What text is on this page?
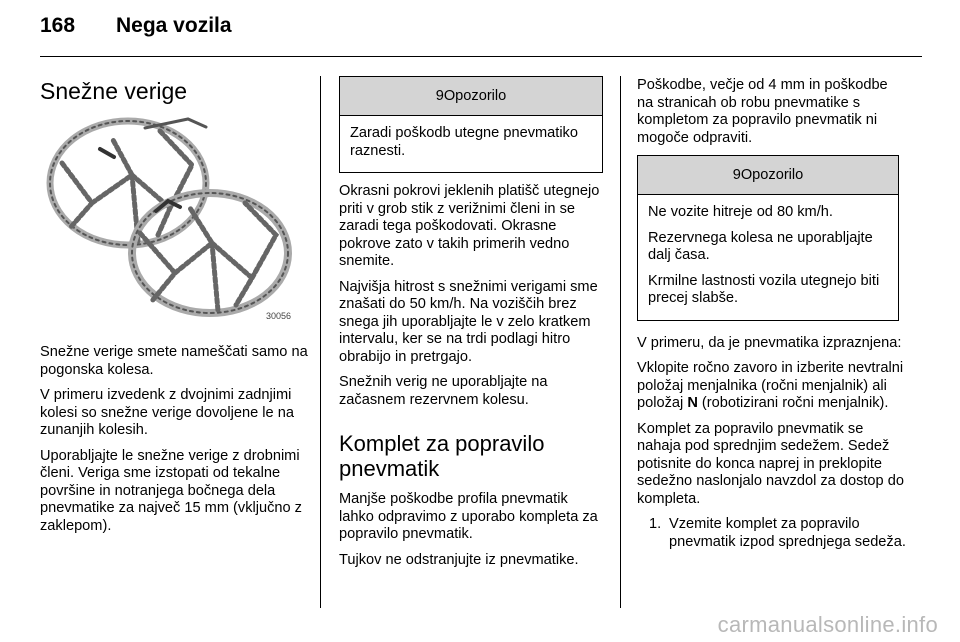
168 Nega vozila
Snežne verige
30056

Snežne verige smete nameščati samo na pogonska kolesa.

V primeru izvedenk z dvojnimi zadnjimi kolesi so snežne verige dovoljene le na zunanjih kolesih.

Uporabljajte le snežne verige z drobnimi členi. Veriga sme izstopati od tekalne površine in notranjega bočnega dela pnevmatike za največ 15 mm (vključno z zaklepom).

9Opozorilo

Zaradi poškodb utegne pnevmatiko raznesti.

Okrasni pokrovi jeklenih platišč utegnejo priti v grob stik z verižnimi členi in se zaradi tega poškodovati. Okrasne pokrove zato v takih primerih vedno snemite.

Najvišja hitrost s snežnimi verigami sme znašati do 50 km/h. Na voziščih brez snega jih uporabljajte le v zelo kratkem intervalu, ker se na trdi podlagi hitro obrabijo in pretrgajo.

Snežnih verig ne uporabljajte na začasnem rezervnem kolesu.

Komplet za popravilo pnevmatik

Manjše poškodbe profila pnevmatik lahko odpravimo z uporabo kompleta za popravilo pnevmatik.

Tujkov ne odstranjujte iz pnevmatike.

Poškodbe, večje od 4 mm in poškodbe na stranicah ob robu pnevmatike s kompletom za popravilo pnevmatik ni mogoče odpraviti.

9Opozorilo

Ne vozite hitreje od 80 km/h.

Rezervnega kolesa ne uporabljajte dalj časa.

Krmilne lastnosti vozila utegnejo biti precej slabše.

V primeru, da je pnevmatika izpraznjena:

Vklopite ročno zavoro in izberite nevtralni položaj menjalnika (ročni menjalnik) ali položaj N (robotizirani ročni menjalnik).

Komplet za popravilo pnevmatik se nahaja pod sprednjim sedežem. Sedež potisnite do konca naprej in preklopite sedežno naslonjalo navzdol za dostop do kompleta.

1. Vzemite komplet za popravilo pnevmatik izpod sprednjega sedeža.
carmanualsonline.info
